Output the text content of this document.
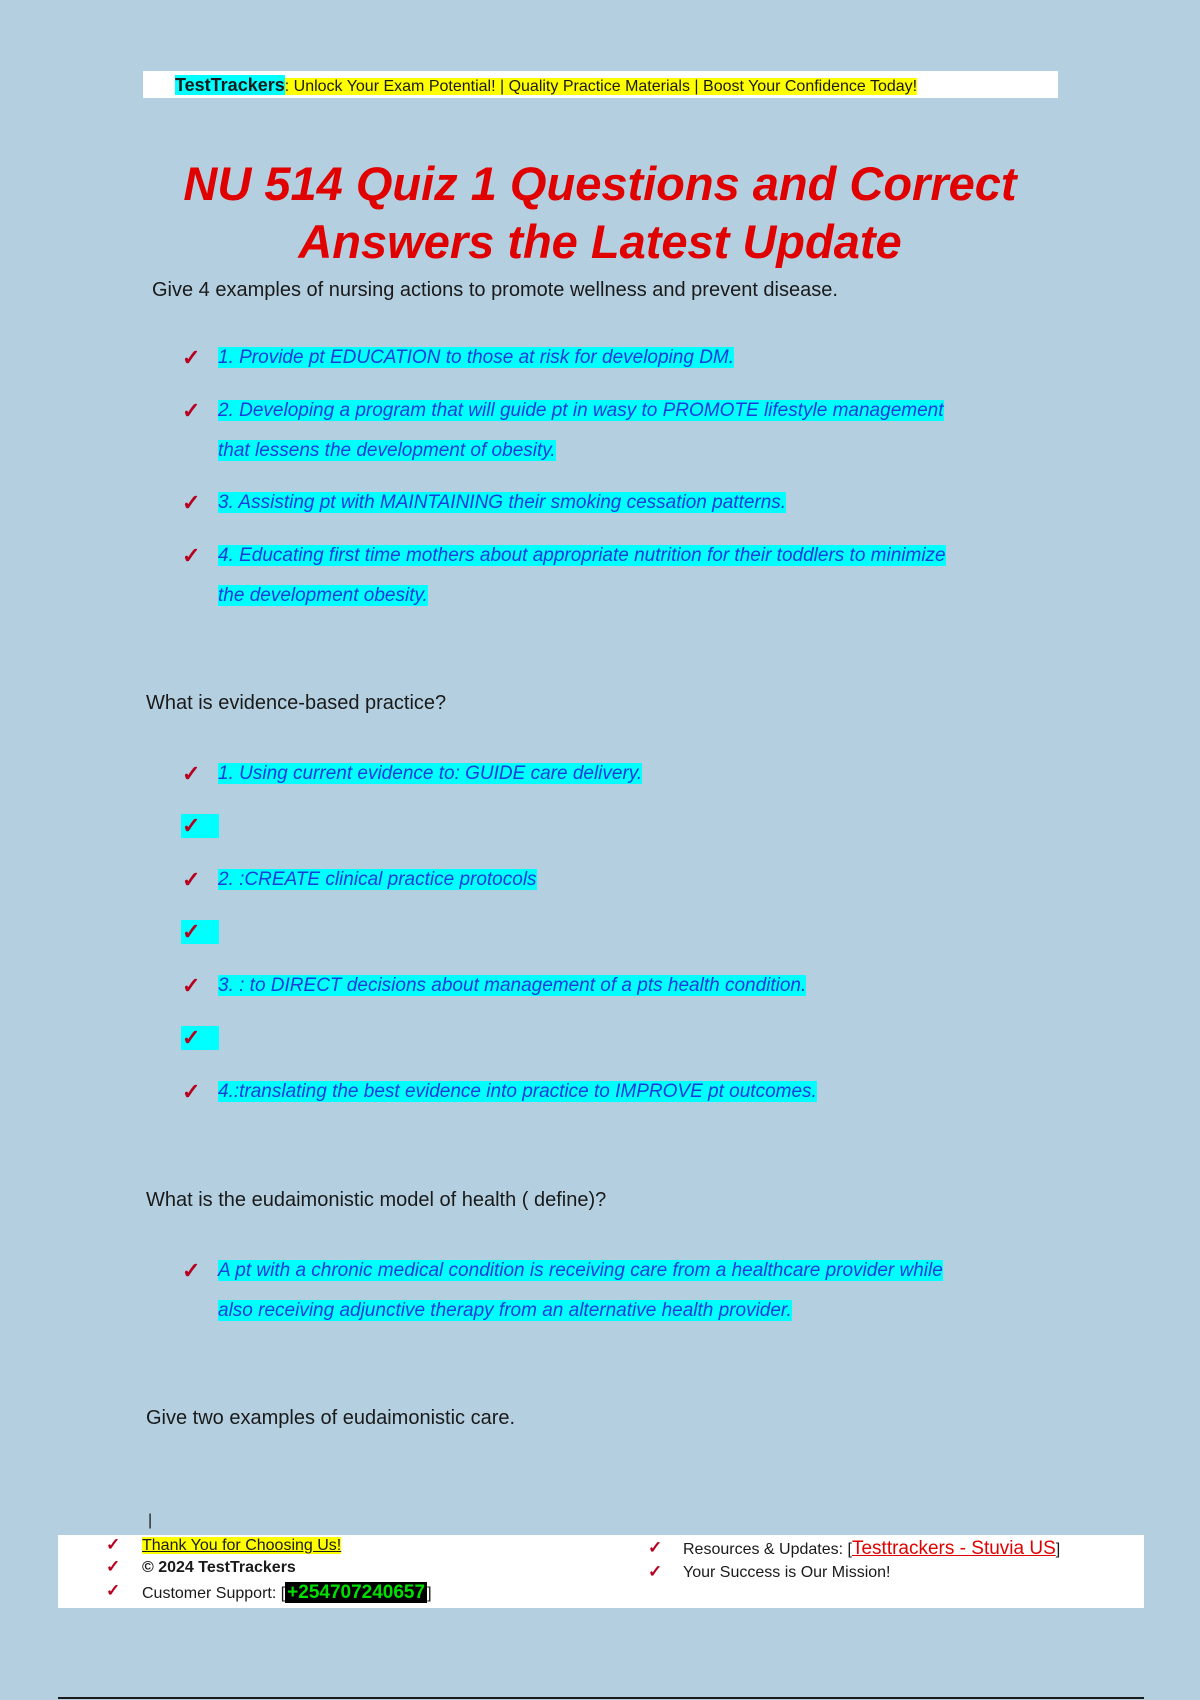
TestTrackers: Unlock Your Exam Potential! | Quality Practice Materials | Boost Your Confidence Today!
NU 514 Quiz 1 Questions and Correct
Answers the Latest Update
Give 4 examples of nursing actions to promote wellness and prevent disease.
✓ 1. Provide pt EDUCATION to those at risk for developing DM.
✓ 2. Developing a program that will guide pt in wasy to PROMOTE lifestyle management
that lessens the development of obesity.
✓ 3. Assisting pt with MAINTAINING their smoking cessation patterns.
✓ 4. Educating first time mothers about appropriate nutrition for their toddlers to minimize
the development obesity.
What is evidence-based practice?
✓ 1. Using current evidence to: GUIDE care delivery.
✓
✓ 2. :CREATE clinical practice protocols
✓
✓ 3. : to DIRECT decisions about management of a pts health condition.
✓
✓ 4.:translating the best evidence into practice to IMPROVE pt outcomes.
What is the eudaimonistic model of health ( define)?
✓ A pt with a chronic medical condition is receiving care from a healthcare provider while
also receiving adjunctive therapy from an alternative health provider.
Give two examples of eudaimonistic care.
|
✓ Thank You for Choosing Us!
✓ © 2024 TestTrackers
✓ Customer Support: [ +254707240657 ]
✓ Resources & Updates: [Testtrackers - Stuvia US]
✓ Your Success is Our Mission!
